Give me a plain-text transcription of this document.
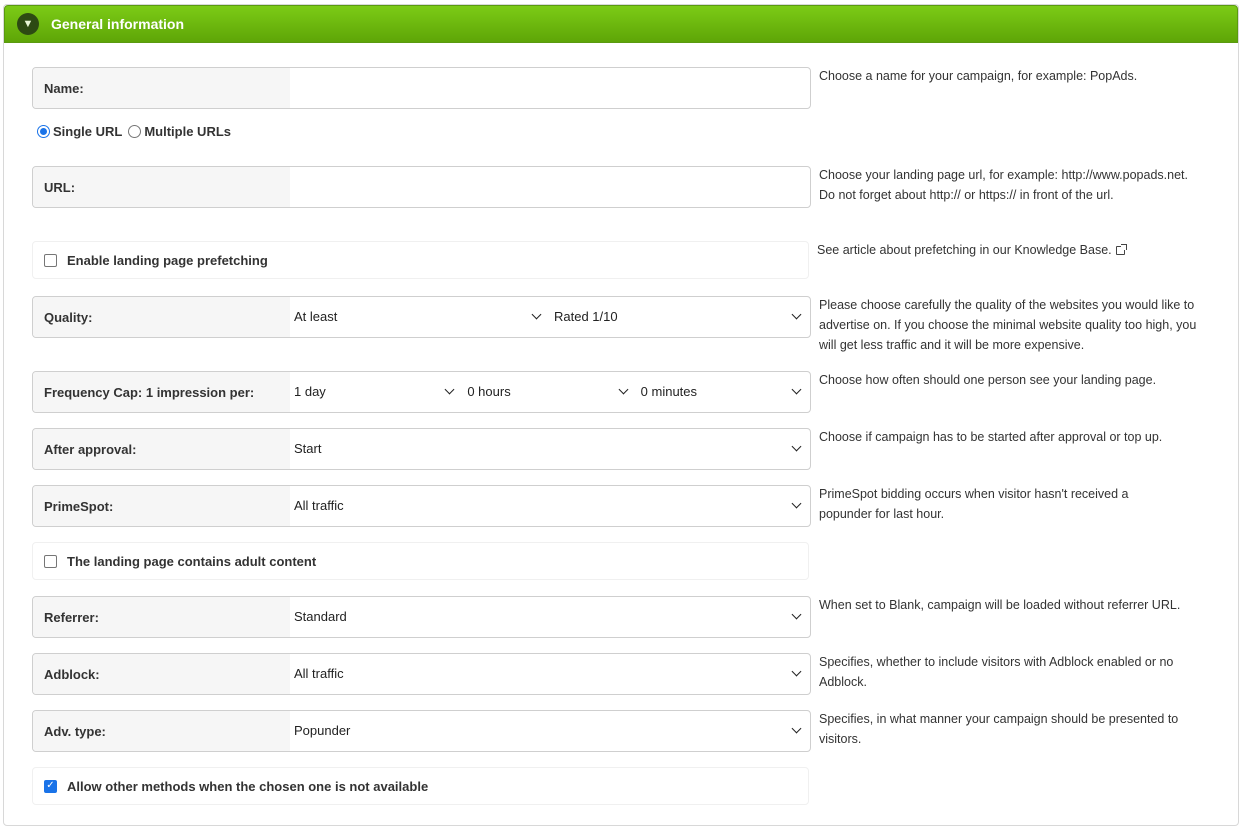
▼	General information
Name:
Choose a name for your campaign, for example: PopAds.
Single URL Multiple URLs
URL:
Choose your landing page url, for example: http://www.popads.net. Do not forget about http:// or https:// in front of the url.
Enable landing page prefetching
See article about prefetching in our Knowledge Base.
Quality:	At least	Rated 1/10
Please choose carefully the quality of the websites you would like to advertise on. If you choose the minimal website quality too high, you will get less traffic and it will be more expensive.
Frequency Cap: 1 impression per:	1 day	0 hours	0 minutes
Choose how often should one person see your landing page.
After approval:	Start
Choose if campaign has to be started after approval or top up.
PrimeSpot:	All traffic
PrimeSpot bidding occurs when visitor hasn't received a popunder for last hour.
The landing page contains adult content
Referrer:	Standard
When set to Blank, campaign will be loaded without referrer URL.
Adblock:	All traffic
Specifies, whether to include visitors with Adblock enabled or no Adblock.
Adv. type:	Popunder
Specifies, in what manner your campaign should be presented to visitors.
✓ Allow other methods when the chosen one is not available
